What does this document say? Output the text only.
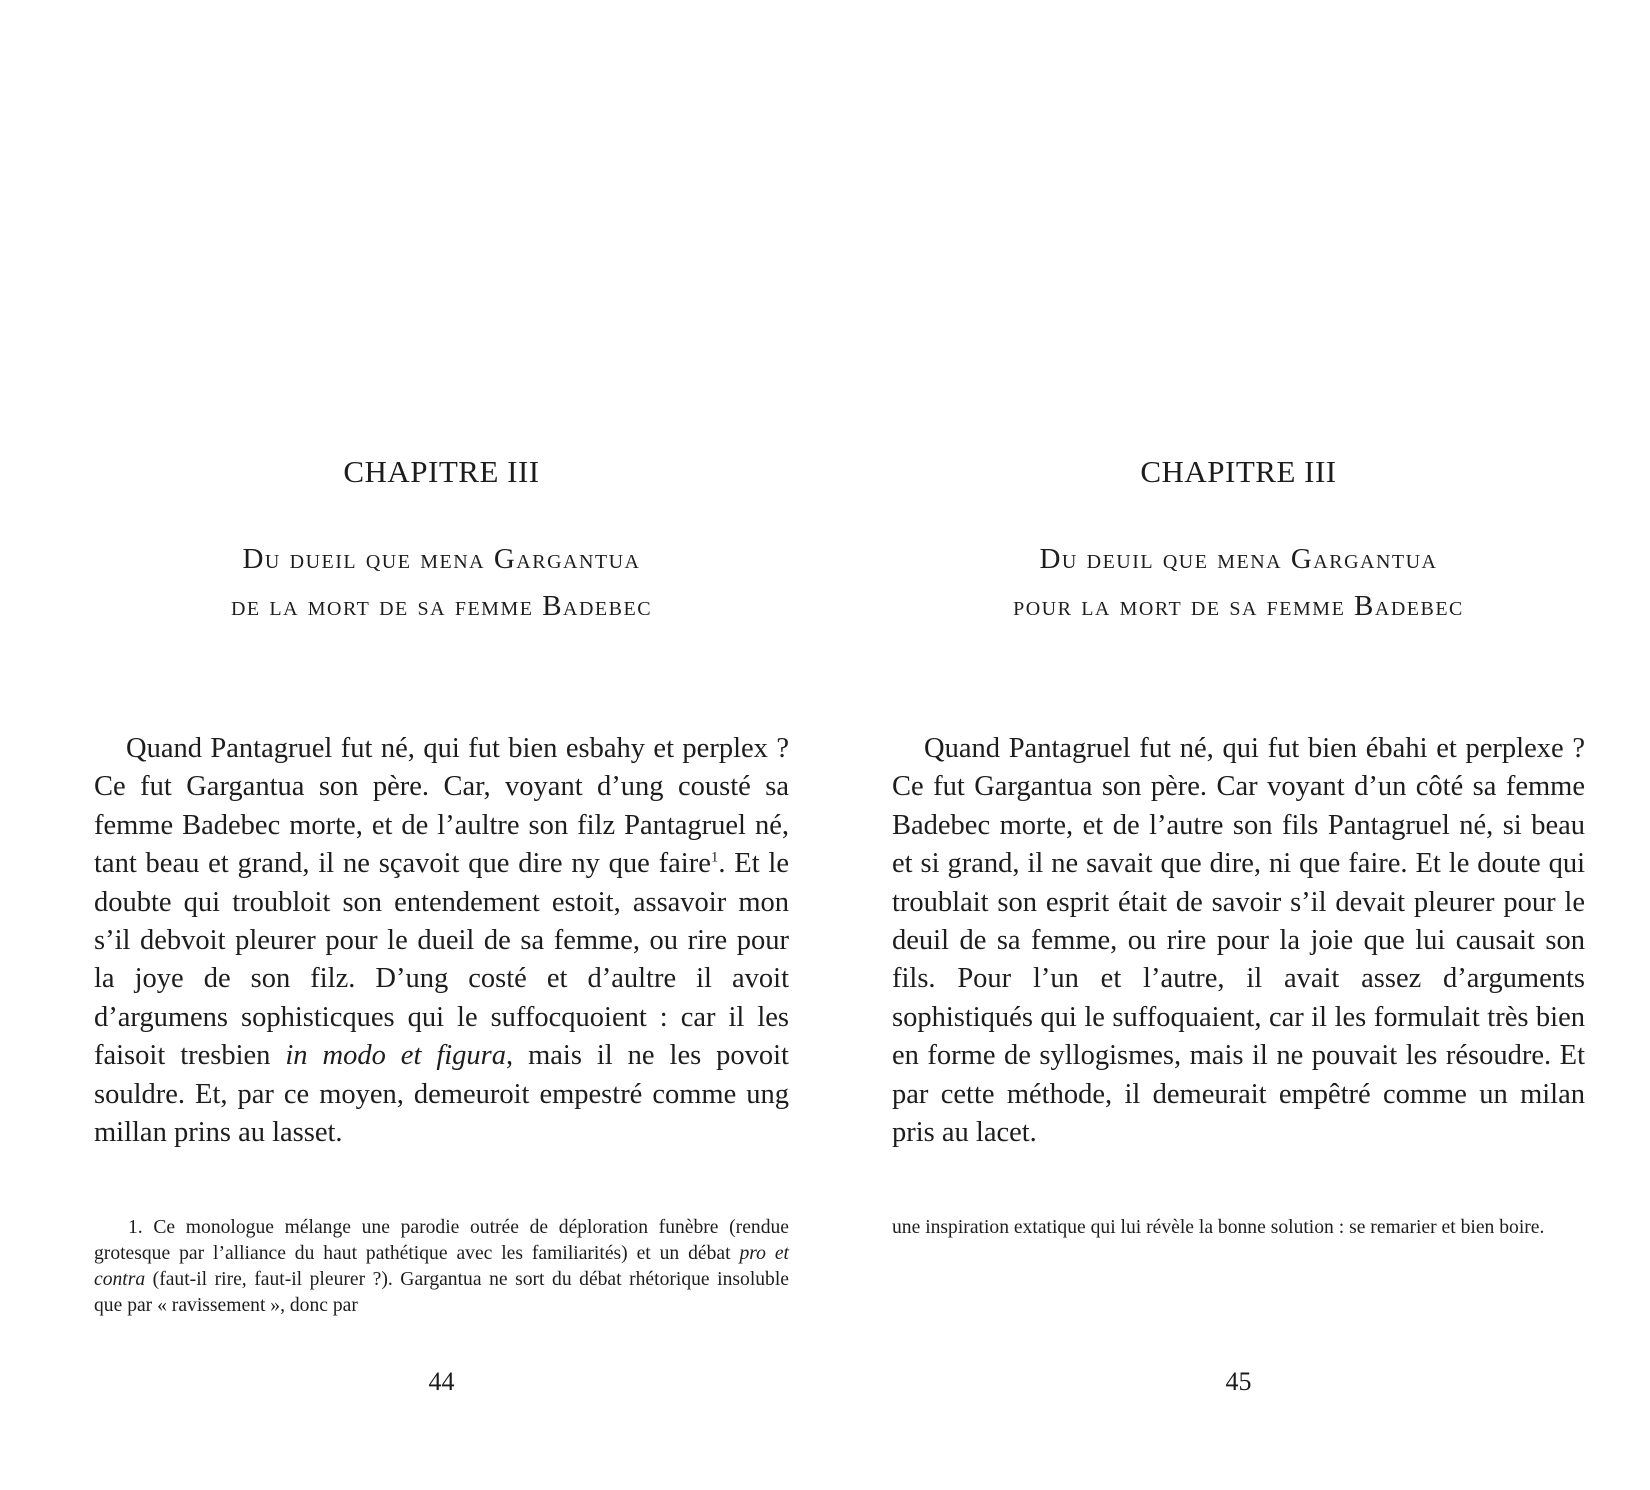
CHAPITRE III
Du dueil que mena Gargantua
de la mort de sa femme Badebec

Quand Pantagruel fut né, qui fut bien esbahy et perplex ? Ce fut Gargantua son père. Car, voyant d’ung cousté sa femme Badebec morte, et de l’aultre son filz Pantagruel né, tant beau et grand, il ne sçavoit que dire ny que faire$^1$. Et le doubte qui troubloit son entendement estoit, assavoir mon s’il debvoit pleurer pour le dueil de sa femme, ou rire pour la joye de son filz. D’ung costé et d’aultre il avoit d’argumens sophisticques qui le suffocquoient : car il les faisoit tresbien in modo et figura, mais il ne les povoit souldre. Et, par ce moyen, demeuroit empestré comme ung millan prins au lasset.

1. Ce monologue mélange une parodie outrée de déploration funèbre (rendue grotesque par l’alliance du haut pathétique avec les familiarités) et un débat pro et contra (faut-il rire, faut-il pleurer ?). Gargantua ne sort du débat rhétorique insoluble que par « ravissement », donc par

44

CHAPITRE III
Du deuil que mena Gargantua
pour la mort de sa femme Badebec

Quand Pantagruel fut né, qui fut bien ébahi et perplexe ? Ce fut Gargantua son père. Car voyant d’un côté sa femme Badebec morte, et de l’autre son fils Pantagruel né, si beau et si grand, il ne savait que dire, ni que faire. Et le doute qui troublait son esprit était de savoir s’il devait pleurer pour le deuil de sa femme, ou rire pour la joie que lui causait son fils. Pour l’un et l’autre, il avait assez d’arguments sophistiqués qui le suffoquaient, car il les formulait très bien en forme de syllogismes, mais il ne pouvait les résoudre. Et par cette méthode, il demeurait empêtré comme un milan pris au lacet.

une inspiration extatique qui lui révèle la bonne solution : se remarier et bien boire.

45
